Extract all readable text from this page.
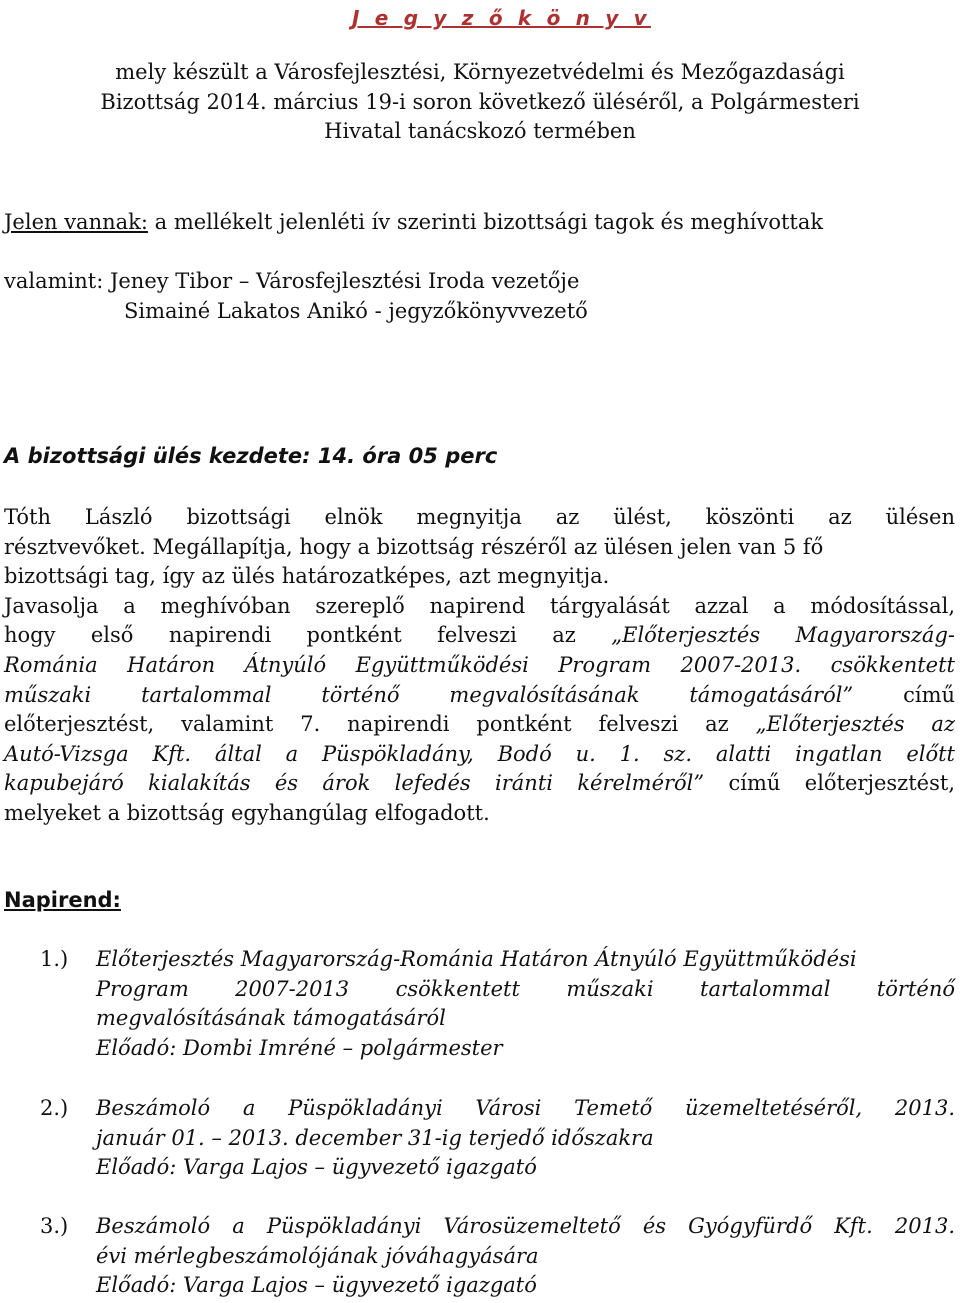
J e g y z ő k ö n y v
mely készült a Városfejlesztési, Környezetvédelmi és Mezőgazdasági
Bizottság 2014. március 19-i soron következő üléséről, a Polgármesteri
Hivatal tanácskozó termében
Jelen vannak: a mellékelt jelenléti ív szerinti bizottsági tagok és meghívottak
valamint: Jeney Tibor – Városfejlesztési Iroda vezetője
Simainé Lakatos Anikó - jegyzőkönyvvezető
A bizottsági ülés kezdete: 14. óra 05 perc
Tóth László bizottsági elnök megnyitja az ülést, köszönti az ülésen
résztvevőket. Megállapítja, hogy a bizottság részéről az ülésen jelen van 5 fő
bizottsági tag, így az ülés határozatképes, azt megnyitja.
Javasolja a meghívóban szereplő napirend tárgyalását azzal a módosítással,
hogy első napirendi pontként felveszi az „Előterjesztés Magyarország-
Románia Határon Átnyúló Együttműködési Program 2007-2013. csökkentett
műszaki tartalommal történő megvalósításának támogatásáról” című
előterjesztést, valamint 7. napirendi pontként felveszi az „Előterjesztés az
Autó-Vizsga Kft. által a Püspökladány, Bodó u. 1. sz. alatti ingatlan előtt
kapubejáró kialakítás és árok lefedés iránti kérelméről” című előterjesztést,
melyeket a bizottság egyhangúlag elfogadott.
Napirend:
1.)	Előterjesztés Magyarország-Románia Határon Átnyúló Együttműködési
Program 2007-2013 csökkentett műszaki tartalommal történő
megvalósításának támogatásáról
Előadó: Dombi Imréné – polgármester
2.)	Beszámoló a Püspökladányi Városi Temető üzemeltetéséről, 2013.
január 01. – 2013. december 31-ig terjedő időszakra
Előadó: Varga Lajos – ügyvezető igazgató
3.)	Beszámoló a Püspökladányi Városüzemeltető és Gyógyfürdő Kft. 2013.
évi mérlegbeszámolójának jóváhagyására
Előadó: Varga Lajos – ügyvezető igazgató
